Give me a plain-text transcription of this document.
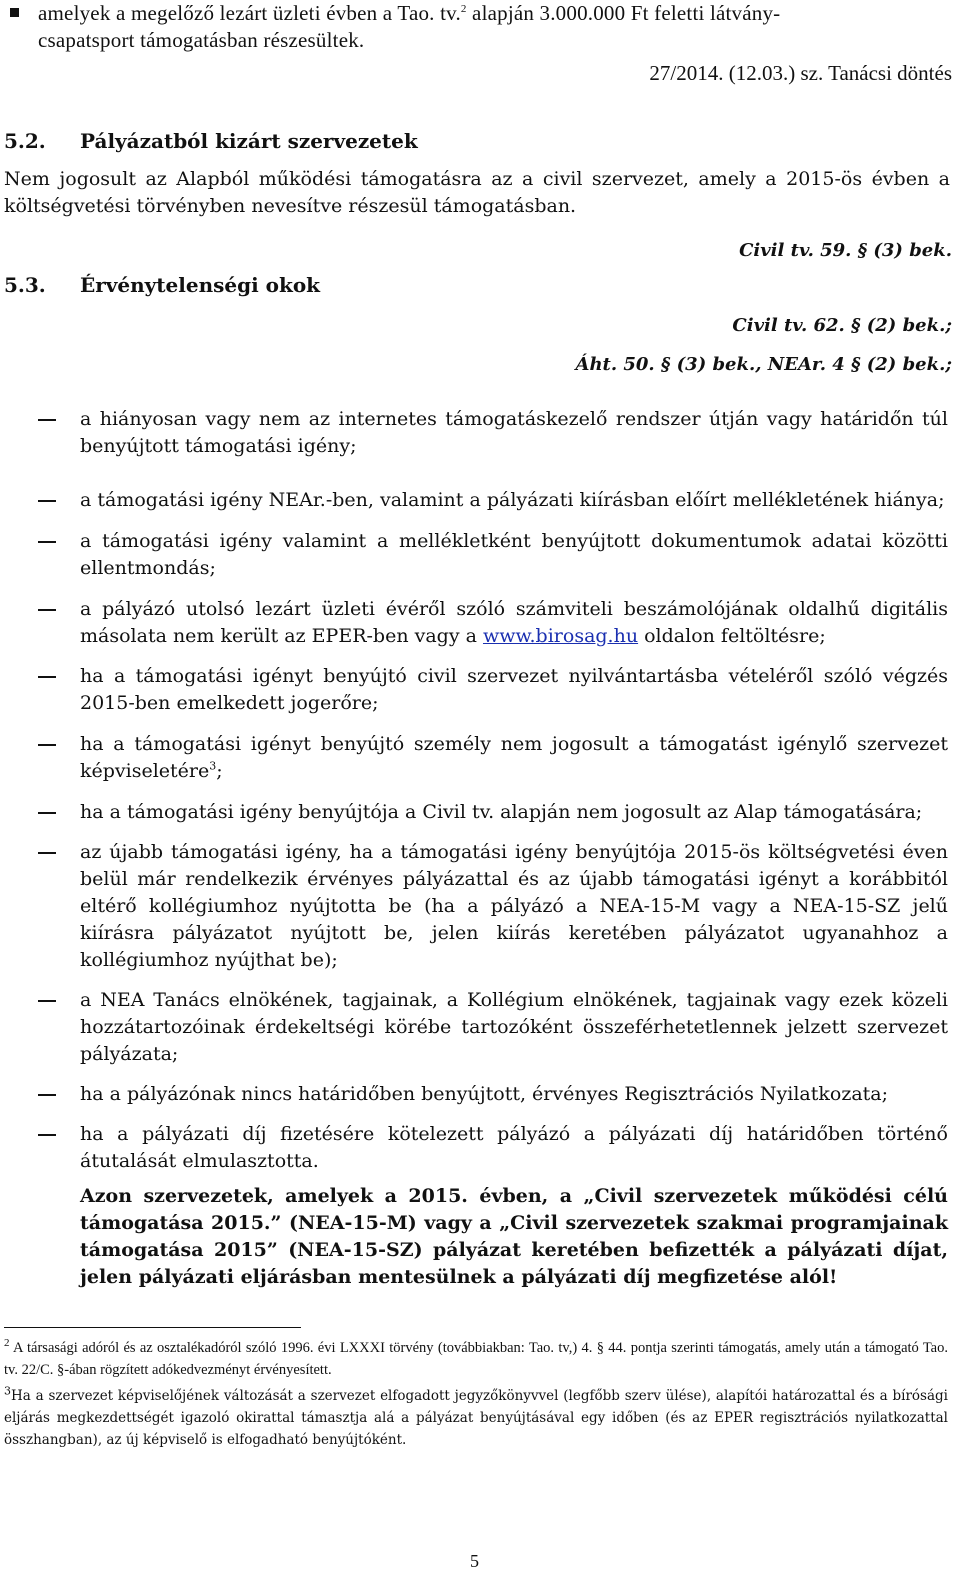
amelyek a megelőző lezárt üzleti évben a Tao. tv.$^2$ alapján 3.000.000 Ft feletti látvány-
csapatsport támogatásban részesültek.
27/2014. (12.03.) sz. Tanácsi döntés
5.2. Pályázatból kizárt szervezetek
Nem jogosult az Alapból működési támogatásra az a civil szervezet, amely a 2015-ös évben a költségvetési törvényben nevesítve részesül támogatásban.
Civil tv. 59. § (3) bek.
5.3. Érvénytelenségi okok
Civil tv. 62. § (2) bek.;
Áht. 50. § (3) bek., NEAr. 4 § (2) bek.;
a hiányosan vagy nem az internetes támogatáskezelő rendszer útján vagy határidőn túl benyújtott támogatási igény;
a támogatási igény NEAr.-ben, valamint a pályázati kiírásban előírt mellékletének hiánya;
a támogatási igény valamint a mellékletként benyújtott dokumentumok adatai közötti ellentmondás;
a pályázó utolsó lezárt üzleti évéről szóló számviteli beszámolójának oldalhű digitális másolata nem került az EPER-ben vagy a www.birosag.hu oldalon feltöltésre;
ha a támogatási igényt benyújtó civil szervezet nyilvántartásba vételéről szóló végzés 2015-ben emelkedett jogerőre;
ha a támogatási igényt benyújtó személy nem jogosult a támogatást igénylő szervezet képviseletére$^3$;
ha a támogatási igény benyújtója a Civil tv. alapján nem jogosult az Alap támogatására;
az újabb támogatási igény, ha a támogatási igény benyújtója 2015-ös költségvetési éven belül már rendelkezik érvényes pályázattal és az újabb támogatási igényt a korábbitól eltérő kollégiumhoz nyújtotta be (ha a pályázó a NEA-15-M vagy a NEA-15-SZ jelű kiírásra pályázatot nyújtott be, jelen kiírás keretében pályázatot ugyanahhoz a kollégiumhoz nyújthat be);
a NEA Tanács elnökének, tagjainak, a Kollégium elnökének, tagjainak vagy ezek közeli hozzátartozóinak érdekeltségi körébe tartozóként összeférhetetlennek jelzett szervezet pályázata;
ha a pályázónak nincs határidőben benyújtott, érvényes Regisztrációs Nyilatkozata;
ha a pályázati díj fizetésére kötelezett pályázó a pályázati díj határidőben történő átutalását elmulasztotta.
Azon szervezetek, amelyek a 2015. évben, a „Civil szervezetek működési célú támogatása 2015.” (NEA-15-M) vagy a „Civil szervezetek szakmai programjainak támogatása 2015” (NEA-15-SZ) pályázat keretében befizették a pályázati díjat, jelen pályázati eljárásban mentesülnek a pályázati díj megfizetése alól!
$^2$ A társasági adóról és az osztalékadóról szóló 1996. évi LXXXI törvény (továbbiakban: Tao. tv,) 4. § 44. pontja szerinti támogatás, amely után a támogató Tao. tv. 22/C. §-ában rögzített adókedvezményt érvényesített.
$^3$Ha a szervezet képviselőjének változását a szervezet elfogadott jegyzőkönyvvel (legfőbb szerv ülése), alapítói határozattal és a bírósági eljárás megkezdettségét igazoló okirattal támasztja alá a pályázat benyújtásával egy időben (és az EPER regisztrációs nyilatkozattal összhangban), az új képviselő is elfogadható benyújtóként.
5
